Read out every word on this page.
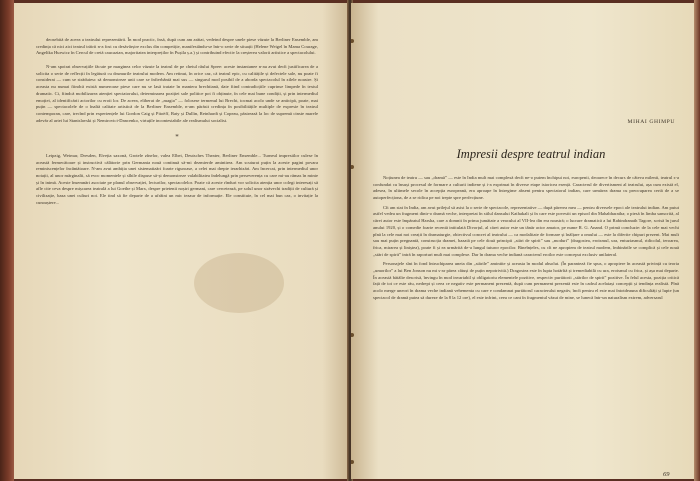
deosebită de aceea a teatrului reprezentării. În mod practic, însă, după cum am arătat, vedeind despre unele piese văzute la Berliner Ensemble, am credința că nici aici teatrul trăirii n-a fost cu desăvârșire exclus din competiție, manifestându-se într-o serie de situații (Helene Weigel în Mama Courage, Angelika Hurwicz în Cercul de cretă caucazian, majoritatea interpreților în Pușila ș.a.) și contribuind efectiv la creșterea valorii artistice a spectacolului.

N-am spoirat observațiile făcute pe marginea celor văzute la teatrul de pe cheiul râului Spree: aceste instantanee n-au avut decît justificarea de a solicita o serie de reflecții în legătură cu drumurile teatrului modern. Am retinut, în orice caz, că teatrul epic, cu calitățile și defectele sale, nu poate fi considerat — cum se străduiesc să demonstreze unii care se înfierbântă mai sus — singurul mod posibil de a aborda spectacolul în zilele noastre. Și aceasta nu numai fiindcă există numeroase piese care nu se lasă tratate în maniera brechtiană, date fiind contradicțiile cuprinse limpede în textul dramatic. Ci, fiindcă mobilizarea atenției spectatorului, determinarea poziției sale politice pot fi obținute, în cele mai bune condiții, și prin intermediul emoției, al identificării actorilor cu eroii lor. De aceea, eliberat de „magia” — folosese termenul lui Brecht, tocmai acolo unde se anticipă, poate, mai puțin — spectacolele de o înaltă calitate artistică de la Berliner Ensemble, n-am părăsit credința în posibilitățile multiple de expresie în teatrul contemporan, care, trecînd prin experiențele lui Gordon Caig și Pitoëff, Baty și Dullin, Reinhardt și Copeau, păstrează la loc de supremă cinste marele adevăr al artei lui Stanislavski și Nemirovici-Dancenko, virtuțile incontestabile ale realismului socialist.

*

Leipzig, Weimar, Dresden, Elveția saxonă, Grotele zînelor, valea Elbei, Deutsches Theater, Berliner Ensemble... Turneul impresiilor culese în această fermecătoare și instructivă călătorie prin Germania nouă continuă să-mi dezmierde amintirea. Am scuturat puțin la aceste pagini povara reminiscențelor încântătoare. N-am avut ambiția unei sistematizări foarte riguroase, a celei mai drepte ierarhizări. Am încercat, prin intermediul unor notații, al unor mărginalii, să evoc momentele și sîhile dispuse să-și demonstreze valabilitatea îndelungă prin perseverența cu care mi-au rămas în minte și în inimă. Aceste însemnări asociate pe planul observației, lecturilor, spectacolelor. Poate că aceste rînduri vor solicita atenția unor colegi interesați să afle cite ceva despre mișcarea teatrală a lui Goethe și Marx, despre prietenii noștri germani, care cercetează, pe solul unor străvechi tradiții de cultură și civilizație, baza unei culturi noi. Ele tind să fie departe de a ufrâini un mic tezaur de informație. Ele constituie, în cel mai bun caz, o invitație la cunoaștere...

MIHAI GHIMPU
Impresii despre teatrul indian

Noțiunea de teatru — sau „dramă” — este în India mult mai complexă decît ne-o putem închipui noi, europenii, deoarece în decurs de câteva milenii, teatrul s-a confundat cu însuși procesul de formare a culturii indiene și i-a exprimat în diverse etape istoricea esență. Caracterul de divertisment al teatrului, așa cum există el, adesea, în ultimele secole în accepția europeană, era aproape în întregime absent pentru spectatorul indian, care urmărea drama cu preocuparea certă de a se autoperfecționa, de a se ridica pe noi trepte spre perfecțiune.

Cît am stat în India, am avut prilejul să asist la o serie de spectacole, reprezentative — după părerea mea — pentru diversele epoci ale teatrului indian. Am putut astfel vedea un fragment dintr-o dramă veche, interpretat în stilul dansului Kathakali și în care este povestit un episod din Mahabharatha; o piesă în limba sanscrită, al cărei autor este împăratul Harsha, care a domnit în prima jumătate a veacului al VII-lea din era noastră; o lucrare dramatică a lui Rabindranath Tagore, scrisă în jurul anului 1920, și o comedie foarte recentă intitulată Divorțul, al cărei autor este un tânăr actor amator, pe nume R. G. Anand. O primă concluzie: de la cele mai vechi pînă la cele mai noi creații în dramaturgie, obiectivul concret al teatrului — ca modalitate de formare și înălțare a omului — este la diferite chipuri prezent. Mai mult sau mai puțin pregnantă, construcția dramei, bazată pe cele două principii „stări de spirit” sau „moduri” (dragostea, eroismul, ura, entuziasmul, ridicolul, teroarea, frica, mirarea și liniștea), poate fi și ea urmărită de-a lungul tuturor epocilor. Bineînțeles, cu cît ne apropiem de teatrul modern, îmbinările se complică și cele nouă „stări de spirit” intră în raporturi mult mai complexe. Dar în drama veche indiană caracterul eroilor este conceput exclusiv unilateral.

Personajele sînt în fond întruchiparea uneia din „stările” amintite și aceasta în modul absolut. (În paranteză fie spus, o apropiere în această privință cu teoria „umorilor” a lui Ben Jonson nu mi s-ar părea câtuși de puțin nepotrivită.) Dragostea este în lupta hotărîtă și iremediabilă cu ura, eroismul cu frica, și așa mai departe. În această bătălie descrisă, învingu în mod invariabil și obligatoriu elementele pozitive, respectiv purtătorii „stărilor de spirit” pozitive. În felul acesta, poziția critică față de tot ce este rău, nedrept și ceea ce negativ este permanent prezentă, după cum permanent prezentă este în cadrul acelaiași concepții și tendința realistă. Pînă acolo merge uneori în drama veche indiană vehementa cu care e condamnat purtătorul caracterului negativ, încît pentru el este mai întotdeauna dificultăți și lupte (un spectacol de dramă putea să dureze de la 8 la 12 ore), el este infrint, ceea ce cant în fragmentul văzut de mine, se lunecă într-un naturalism extrem, adversarul

69
